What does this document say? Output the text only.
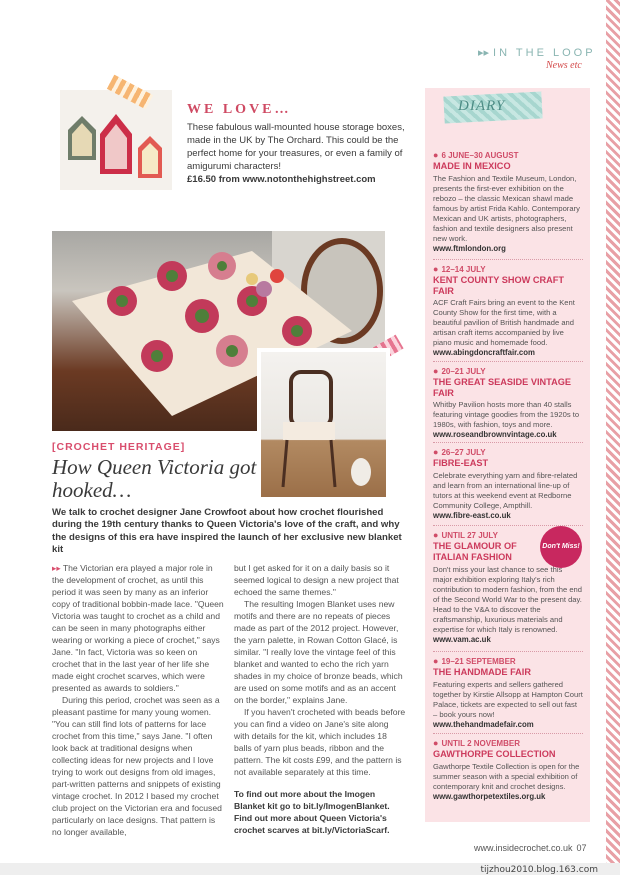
▸▸ IN THE LOOP
News etc
WE LOVE…
These fabulous wall-mounted house storage boxes, made in the UK by The Orchard. This could be the perfect home for your treasures, or even a family of amigurumi characters!
£16.50 from www.notonthehighstreet.com
[CROCHET HERITAGE]
How Queen Victoria got hooked…
We talk to crochet designer Jane Crowfoot about how crochet flourished during the 19th century thanks to Queen Victoria's love of the craft, and why the designs of this era have inspired the launch of her exclusive new blanket kit

▸▸ The Victorian era played a major role in the development of crochet, as until this period it was seen by many as an inferior copy of traditional bobbin-made lace. "Queen Victoria was taught to crochet as a child and can be seen in many photographs either wearing or working a piece of crochet," says Jane. "In fact, Victoria was so keen on crochet that in the last year of her life she made eight crochet scarves, which were presented as awards to soldiers."

During this period, crochet was seen as a pleasant pastime for many young women. "You can still find lots of patterns for lace crochet from this time," says Jane. "I often look back at traditional designs when collecting ideas for new projects and I love trying to work out designs from old images, part-written patterns and snippets of existing vintage crochet. In 2012 I based my crochet club project on the Victorian era and focused particularly on lace designs. That pattern is no longer available,

but I get asked for it on a daily basis so it seemed logical to design a new project that echoed the same themes."

The resulting Imogen Blanket uses new motifs and there are no repeats of pieces made as part of the 2012 project. However, the yarn palette, in Rowan Cotton Glacé, is similar. "I really love the vintage feel of this blanket and wanted to echo the rich yarn shades in my choice of bronze beads, which are used on some motifs and as an accent on the border," explains Jane.

If you haven't crocheted with beads before you can find a video on Jane's site along with details for the kit, which includes 18 balls of yarn plus beads, ribbon and the pattern. The kit costs £99, and the pattern is not available separately at this time.

To find out more about the Imogen Blanket kit go to bit.ly/ImogenBlanket. Find out more about Queen Victoria's crochet scarves at bit.ly/VictoriaScarf.

DIARY
● 6 JUNE–30 AUGUST
MADE IN MEXICO
The Fashion and Textile Museum, London, presents the first-ever exhibition on the rebozo – the classic Mexican shawl made famous by artist Frida Kahlo. Contemporary Mexican and UK artists, photographers, fashion and textile designers also present new work.
www.ftmlondon.org
● 12–14 JULY
KENT COUNTY SHOW CRAFT FAIR
ACF Craft Fairs bring an event to the Kent County Show for the first time, with a beautiful pavilion of British handmade and artisan craft items accompanied by live piano music and homemade food.
www.abingdoncraftfair.com
● 20–21 JULY
THE GREAT SEASIDE VINTAGE FAIR
Whitby Pavilion hosts more than 40 stalls featuring vintage goodies from the 1920s to 1980s, with fashion, toys and more.
www.roseandbrownvintage.co.uk
● 26–27 JULY
FIBRE-EAST
Celebrate everything yarn and fibre-related and learn from an international line-up of tutors at this weekend event at Redborne Community College, Ampthill.
www.fibre-east.co.uk
Don't Miss!
● UNTIL 27 JULY
THE GLAMOUR OF ITALIAN FASHION
Don't miss your last chance to see this major exhibition exploring Italy's rich contribution to modern fashion, from the end of the Second World War to the present day. Head to the V&A to discover the craftsmanship, luxurious materials and expertise for which Italy is renowned.
www.vam.ac.uk
● 19–21 SEPTEMBER
THE HANDMADE FAIR
Featuring experts and sellers gathered together by Kirstie Allsopp at Hampton Court Palace, tickets are expected to sell out fast – book yours now!
www.thehandmadefair.com
● UNTIL 2 NOVEMBER
GAWTHORPE COLLECTION
Gawthorpe Textile Collection is open for the summer season with a special exhibition of contemporary knit and crochet designs.
www.gawthorpetextiles.org.uk
www.insidecrochet.co.uk 07
tijzhou2010.blog.163.com
